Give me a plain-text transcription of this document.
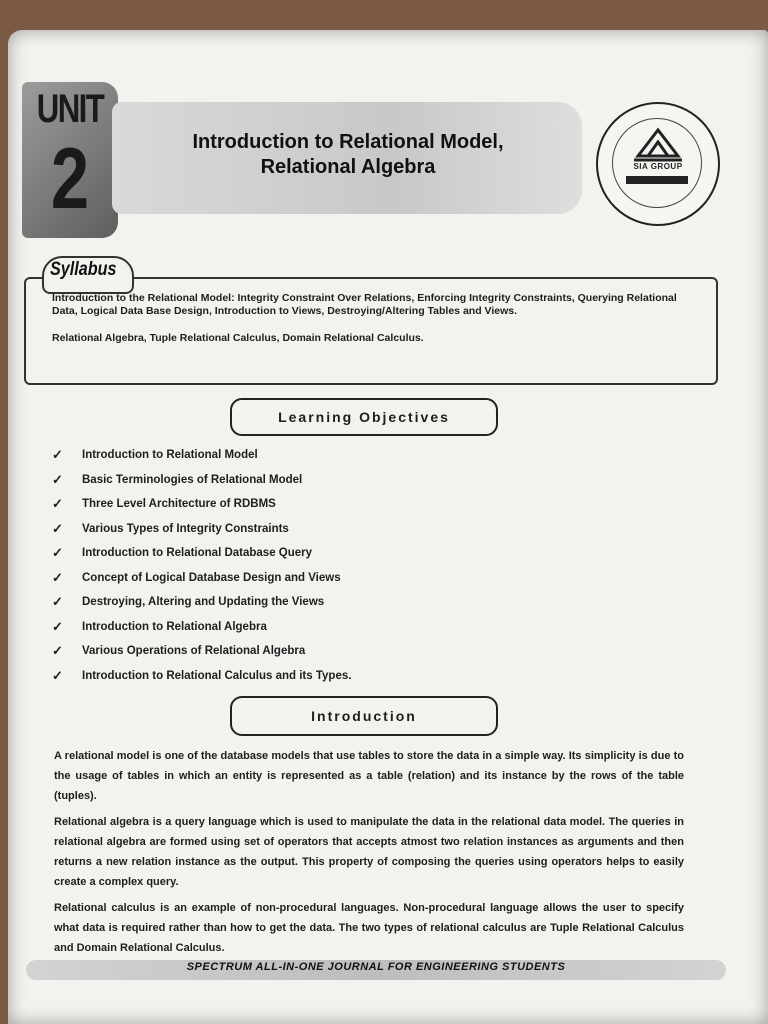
UNIT
2	Introduction to Relational Model,
Relational Algebra	SIA GROUP
Syllabus
Introduction to the Relational Model: Integrity Constraint Over Relations, Enforcing Integrity Constraints, Querying Relational Data, Logical Data Base Design, Introduction to Views, Destroying/Altering Tables and Views.
Relational Algebra, Tuple Relational Calculus, Domain Relational Calculus.
Learning Objectives
✓	Introduction to Relational Model
✓	Basic Terminologies of Relational Model
✓	Three Level Architecture of RDBMS
✓	Various Types of Integrity Constraints
✓	Introduction to Relational Database Query
✓	Concept of Logical Database Design and Views
✓	Destroying, Altering and Updating the Views
✓	Introduction to Relational Algebra
✓	Various Operations of Relational Algebra
✓	Introduction to Relational Calculus and its Types.
Introduction

A relational model is one of the database models that use tables to store the data in a simple way. Its simplicity is due to the usage of tables in which an entity is represented as a table (relation) and its instance by the rows of the table (tuples).

Relational algebra is a query language which is used to manipulate the data in the relational data model. The queries in relational algebra are formed using set of operators that accepts atmost two relation instances as arguments and then returns a new relation instance as the output. This property of composing the queries using operators helps to easily create a complex query.

Relational calculus is an example of non-procedural languages. Non-procedural language allows the user to specify what data is required rather than how to get the data. The two types of relational calculus are Tuple Relational Calculus and Domain Relational Calculus.

SPECTRUM ALL-IN-ONE JOURNAL FOR ENGINEERING STUDENTS
